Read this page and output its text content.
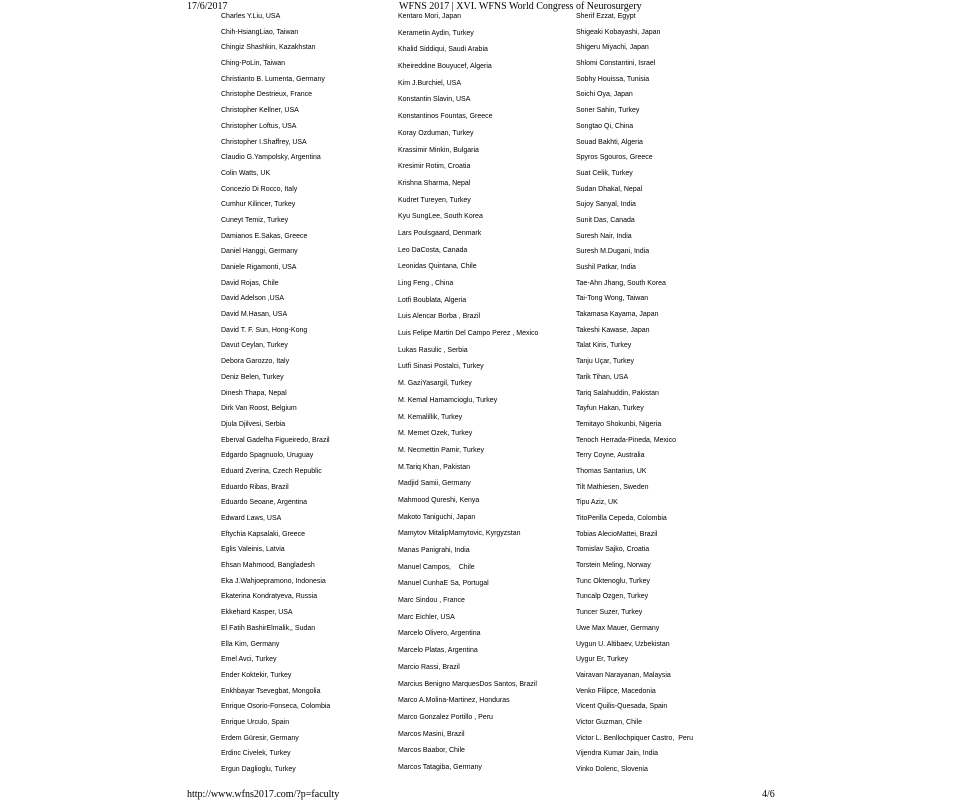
17/6/2017	WFNS 2017 | XVI. WFNS World Congress of Neurosurgery
Charles Y.Liu, USA
Chih-HsiangLiao, Taiwan
Chingiz Shashkin, Kazakhstan
Ching-PoLin, Taiwan
Christianto B. Lumenta, Germany
Christophe Destrieux, France
Christopher Kellner, USA
Christopher Loftus, USA
Christopher I.Shaffrey, USA
Claudio G.Yampolsky, Argentina
Colin Watts, UK
Concezio Di Rocco, Italy
Cumhur Kilincer, Turkey
Cuneyt Temiz, Turkey
Damianos E.Sakas, Greece
Daniel Hanggi, Germany
Daniele Rigamonti, USA
David Rojas, Chile
David Adelson ,USA
David M.Hasan, USA
David T. F. Sun, Hong-Kong
Davut Ceylan, Turkey
Debora Garozzo, Italy
Deniz Belen, Turkey
Dinesh Thapa, Nepal
Dirk Van Roost, Belgium
Djula Djilvesi, Serbia
Eberval Gadelha Figueiredo, Brazil
Edgardo Spagnuolo, Uruguay
Eduard Zverina, Czech Republic
Eduardo Ribas, Brazil
Eduardo Seoane, Argentina
Edward Laws, USA
Eftychia Kapsalaki, Greece
Eglis Valeinis, Latvia
Ehsan Mahmood, Bangladesh
Eka J.Wahjoepramono, Indonesia
Ekaterina Kondratyeva, Russia
Ekkehard Kasper, USA
El Fatih BashirElmalik,, Sudan
Ella Kim, Germany
Emel Avci, Turkey
Ender Koktekir, Turkey
Enkhbayar Tsevegbat, Mongolia
Enrique Osorio-Fonseca, Colombia
Enrique Urculo, Spain
Erdem Güresir, Germany
Erdinc Civelek, Turkey
Ergun Daglioglu, Turkey
Kentaro Mori, Japan
Kerametin Aydin, Turkey
Khalid Siddiqui, Saudi Arabia
Kheireddine Bouyucef, Algeria
Kim J.Burchiel, USA
Konstantin Slavin, USA
Konstantinos Fountas, Greece
Koray Ozduman, Turkey
Krassimir Minkin, Bulgaria
Kresimir Rotim, Croatia
Krishna Sharma, Nepal
Kudret Tureyen, Turkey
Kyu SungLee, South Korea
Lars Poulsgaard, Denmark
Leo DaCosta, Canada
Leonidas Quintana, Chile
Ling Feng , China
Lotfi Boublata, Algeria
Luis Alencar Borba , Brazil
Luis Felipe Martin Del Campo Perez , Mexico
Lukas Rasulic , Serbia
Lutfi Sinasi Postalci, Turkey
M. GaziYasargil, Turkey
M. Kemal Hamamcioglu, Turkey
M. Kemalillik, Turkey
M. Memet Ozek, Turkey
M. Necmettin Pamir, Turkey
M.Tariq Khan, Pakistan
Madjid Samii, Germany
Mahmood Qureshi, Kenya
Makoto Taniguchi, Japan
Mamytov MitalipMamytovic, Kyrgyzstan
Manas Panigrahi, India
Manuel Campos,    Chile
Manuel CunhaE Sa, Portugal
Marc Sindou , France
Marc Eichler, USA
Marcelo Olivero, Argentina
Marcelo Platas, Argentina
Marcio Rassi, Brazil
Marcius Benigno MarquesDos Santos, Brazil
Marco A.Molina-Martinez, Honduras
Marco Gonzalez Portillo , Peru
Marcos Masini, Brazil
Marcos Baabor, Chile
Marcos Tatagiba, Germany
Sherif Ezzat, Egypt
Shigeaki Kobayashi, Japan
Shigeru Miyachi, Japan
Shlomi Constantini, Israel
Sobhy Houissa, Tunisia
Soichi Oya, Japan
Soner Sahin, Turkey
Songtao Qi, China
Souad Bakhti, Algeria
Spyros Sgouros, Greece
Suat Celik, Turkey
Sudan Dhakal, Nepal
Sujoy Sanyal, India
Sunit Das, Canada
Suresh Nair, India
Suresh M.Dugani, India
Sushil Patkar, India
Tae-Ahn Jhang, South Korea
Tai-Tong Wong, Taiwan
Takamasa Kayama, Japan
Takeshi Kawase, Japan
Talat Kiris, Turkey
Tanju Uçar, Turkey
Tarik Tihan, USA
Tariq Salahuddin, Pakistan
Tayfun Hakan, Turkey
Temitayo Shokunbi, Nigeria
Tenoch Herrada-Pineda, Mexico
Terry Coyne, Australia
Thomas Santarius, UK
Tilt Mathiesen, Sweden
Tipu Aziz, UK
TitoPerilla Cepeda, Colombia
Tobias AlecioMattei, Brazil
Tomislav Sajko, Croatia
Torstein Meling, Norway
Tunc Oktenoglu, Turkey
Tuncalp Ozgen, Turkey
Tuncer Suzer, Turkey
Uwe Max Mauer, Germany
Uygun U. Altibaev, Uzbekistan
Uygur Er, Turkey
Vairavan Narayanan, Malaysia
Venko Filipce, Macedonia
Vicent Quilis-Quesada, Spain
Victor Guzman, Chile
Victor L. Benllochpiquer Castro,  Peru
Vijendra Kumar Jain, India
Vinko Dolenc, Slovenia
http://www.wfns2017.com/?p=faculty	4/6
